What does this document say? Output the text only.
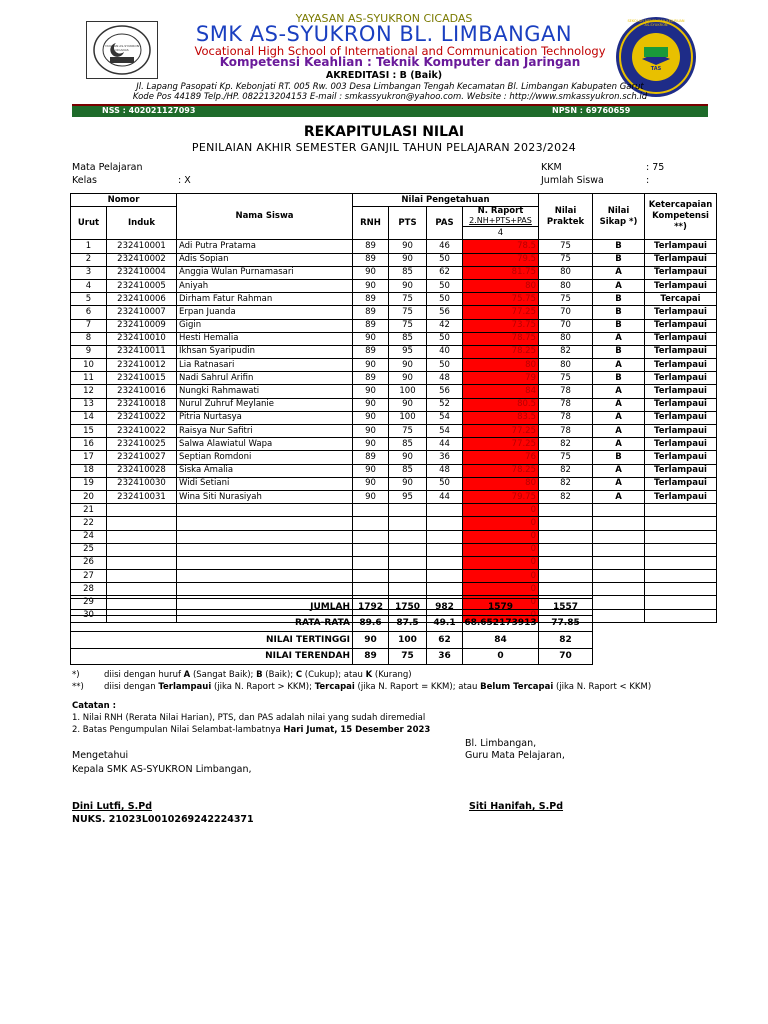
YAYASAN AS-SYUKRON CICADAS
SEKOLAH MENENGAH KEJURUAN AS-SYUKRON
TAS
YAYASAN AS-SYUKRON CICADAS
SMK AS-SYUKRON BL. LIMBANGAN
Vocational High School of International and Communication Technology
Kompetensi Keahlian : Teknik Komputer dan Jaringan
AKREDITASI : B (Baik)
Jl. Lapang Pasopati Kp. Kebonjati RT. 005 Rw. 003 Desa Limbangan Tengah Kecamatan Bl. Limbangan Kabupaten Garut
Kode Pos 44189 Telp./HP. 082213204153 E-mail : smkassyukron@yahoo.com. Website : http://www.smkassyukron.sch.id
NSS : 402021127093	NPSN : 69760659
REKAPITULASI NILAI
PENILAIAN AKHIR SEMESTER GANJIL TAHUN PELAJARAN 2023/2024
Mata Pelajaran
Kelas	: X
KKM	: 75
Jumlah Siswa	:
Nomor		Nama Siswa	Nilai Pengetahuan				Nilai Praktek	Nilai Sikap *)	Ketercapaian Kompetensi **)
Urut	Induk		RNH	PTS	PAS	N. Raport
2.NH+PTS+PAS			
						4			
1	232410001	Adi Putra Pratama	89	90	46	78.5	75	B	Terlampaui
2	232410002	Adis Sopian	89	90	50	79.5	75	B	Terlampaui
3	232410004	Anggia Wulan Purnamasari	90	85	62	81.75	80	A	Terlampaui
4	232410005	Aniyah	90	90	50	80	80	A	Terlampaui
5	232410006	Dirham Fatur Rahman	89	75	50	75.75	75	B	Tercapai
6	232410007	Erpan Juanda	89	75	56	77.25	70	B	Terlampaui
7	232410009	Gigin	89	75	42	73.75	70	B	Terlampaui
8	232410010	Hesti Hemalia	90	85	50	78.75	80	A	Terlampaui
9	232410011	Ikhsan Syaripudin	89	95	40	78.25	82	B	Terlampaui
10	232410012	Lia Ratnasari	90	90	50	80	80	A	Terlampaui
11	232410015	Nadi Sahrul Arifin	89	90	48	79	75	B	Terlampaui
12	232410016	Nungki Rahmawati	90	100	56	84	78	A	Terlampaui
13	232410018	Nurul Zuhruf Meylanie	90	90	52	80.5	78	A	Terlampaui
14	232410022	Pitria Nurtasya	90	100	54	83.5	78	A	Terlampaui
15	232410022	Raisya Nur Safitri	90	75	54	77.25	78	A	Terlampaui
16	232410025	Salwa Alawiatul Wapa	90	85	44	77.25	82	A	Terlampaui
17	232410027	Septian Romdoni	89	90	36	76	75	B	Terlampaui
18	232410028	Siska Amalia	90	85	48	78.25	82	A	Terlampaui
19	232410030	Widi Setiani	90	90	50	80	82	A	Terlampaui
20	232410031	Wina Siti Nurasiyah	90	95	44	79.75	82	A	Terlampaui
21						0			
22						0			
24						0			
25						0			
26						0			
27						0			
28						0			
29						0			
30						0			
JUMLAH	1792	1750	982	1579	1557
RATA-RATA	89.6	87.5	49.1	68.652173913	77.85
NILAI TERTINGGI	90	100	62	84	82
NILAI TERENDAH	89	75	36	0	70
*)	diisi dengan huruf A (Sangat Baik); B (Baik); C (Cukup); atau K (Kurang)
**) diisi dengan Terlampaui (jika N. Raport > KKM); Tercapai (jika N. Raport = KKM); atau Belum Tercapai (jika N. Raport < KKM)
Catatan :
1. Nilai RNH (Rerata Nilai Harian), PTS, dan PAS adalah nilai yang sudah diremedial
2. Batas Pengumpulan Nilai Selambat-lambatnya Hari Jumat, 15 Desember 2023
Bl. Limbangan,
Mengetahui	Guru Mata Pelajaran,
Kepala SMK AS-SYUKRON Limbangan,
Dini Lutfi, S.Pd
NUKS. 21023L0010269242224371
Siti Hanifah, S.Pd
